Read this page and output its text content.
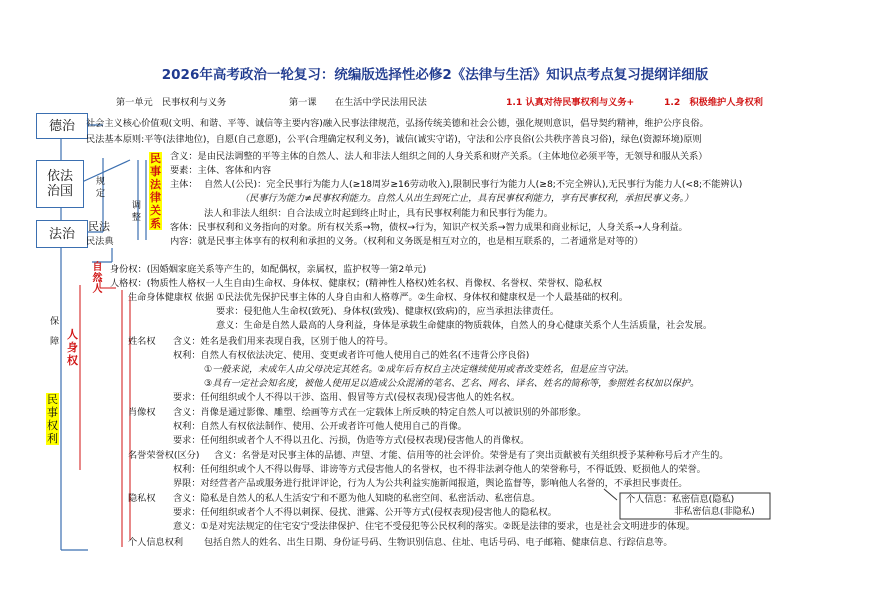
2026年高考政治一轮复习：统编版选择性必修2《法律与生活》知识点考点复习提纲详细版
第一单元　民事权利与义务	第一课　　在生活中学民法用民法	1.1 认真对待民事权利与义务+	1.2　积极维护人身权利
德治
依法
治国
法治
规定
调整
民法
民法典
保
障
民事法律关系
人身权
民事权利
自然人
社会主义核心价值观(文明、和谐、平等、诚信等主要内容)融入民事法律规范，弘扬传统美德和社会公德，强化规则意识，倡导契约精神，维护公序良俗。
民法基本原则:平等(法律地位)，自愿(自己意愿)，公平(合理确定权利义务)，诚信(诚实守诺)，守法和公序良俗(公共秩序善良习俗)，绿色(资源环境)原则
含义：是由民法调整的平等主体的自然人、法人和非法人组织之间的人身关系和财产关系。（主体地位必须平等，无领导和服从关系）
要素：主体、客体和内容
主体： 自然人(公民)：完全民事行为能力人(≥18周岁≥16劳动收入),限制民事行为能力人(≥8;不完全辨认),无民事行为能力人(<8;不能辨认)
（民事行为能力≠民事权利能力。自然人从出生到死亡止，具有民事权利能力，享有民事权利，承担民事义务。）
法人和非法人组织：自合法成立时起到终止时止，具有民事权利能力和民事行为能力。
客体：民事权利和义务指向的对象。所有权关系→物，债权→行为，知识产权关系→智力成果和商业标记，人身关系→人身利益。
内容：就是民事主体享有的权利和承担的义务。（权利和义务既是相互对立的，也是相互联系的，二者通常是对等的）
身份权：(因婚姻家庭关系等产生的，如配偶权，亲属权，监护权等一第2单元)
人格权：(物质性人格权一人生自由)生命权、身体权、健康权；(精神性人格权)姓名权、肖像权、名誉权、荣誉权、隐私权
生命身体健康权 依据 ①民法优先保护民事主体的人身自由和人格尊严。②生命权、身体权和健康权是一个人最基础的权利。
要求：侵犯他人生命权(致死)、身体权(致残)、健康权(致病)的，应当承担法律责任。
意义：生命是自然人最高的人身利益，身体是承载生命健康的物质载体，自然人的身心健康关系个人生活质量，社会发展。
姓名权 含义：姓名是我们用来表现自我，区别于他人的符号。
权利：自然人有权依法决定、使用、变更或者许可他人使用自己的姓名(不违背公序良俗)
①一般来说，未成年人由父母决定其姓名。②成年后有权自主决定继续使用或者改变姓名，但是应当守法。
③具有一定社会知名度，被他人使用足以造成公众混淆的笔名、艺名、网名、译名、姓名的简称等，参照姓名权加以保护。
要求：任何组织或个人不得以干涉、盗用、假冒等方式(侵权表现)侵害他人的姓名权。
肖像权 含义：肖像是通过影像、雕塑、绘画等方式在一定载体上所反映的特定自然人可以被识别的外部形象。
权利：自然人有权依法制作、使用、公开或者许可他人使用自己的肖像。
要求：任何组织或者个人不得以丑化、污损，伪造等方式(侵权表现)侵害他人的肖像权。
名誉荣誉权(区分) 含义：名誉是对民事主体的品德、声望、才能、信用等的社会评价。荣誉是有了突出贡献被有关组织授予某种称号后才产生的。
权利：任何组织或个人不得以侮辱、诽谤等方式侵害他人的名誉权，也不得非法剥夺他人的荣誉称号，不得诋毁、贬损他人的荣誉。
界限：对经营者产品或服务进行批评评论，行为人为公共利益实施新闻报道，舆论监督等，影响他人名誉的，不承担民事责任。
隐私权 含义：隐私是自然人的私人生活安宁和不愿为他人知晓的私密空间、私密活动、私密信息。
要求：任何组织或者个人不得以刺探、侵扰、泄露、公开等方式(侵权表现)侵害他人的隐私权。
意义：①是对宪法规定的住宅安宁受法律保护、住宅不受侵犯等公民权利的落实。②既是法律的要求，也是社会文明进步的体现。
个人信息权利 包括自然人的姓名、出生日期、身份证号码、生物识别信息、住址、电话号码、电子邮箱、健康信息、行踪信息等。
个人信息：私密信息(隐私)
非私密信息(非隐私)
